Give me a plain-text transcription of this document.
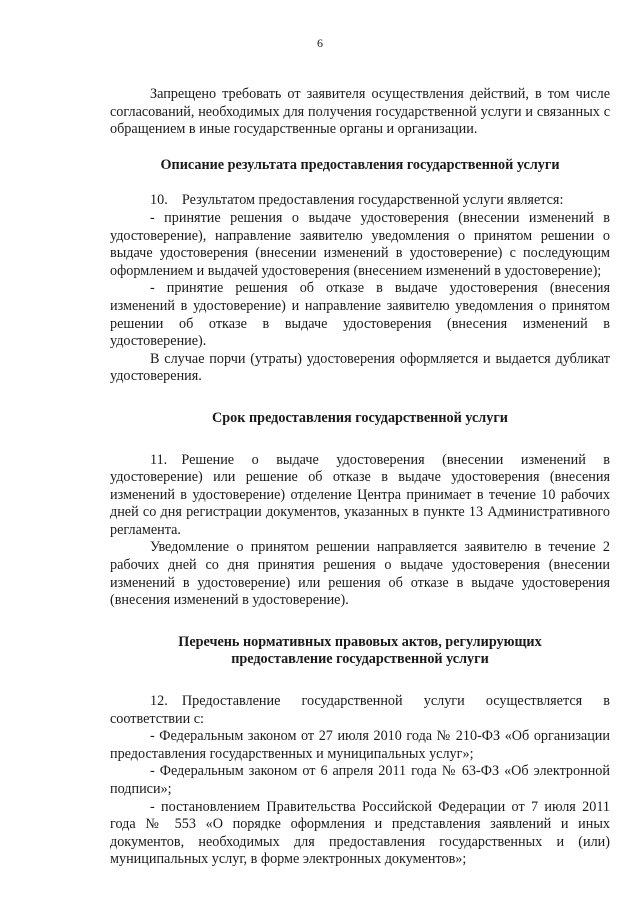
6

Запрещено требовать от заявителя осуществления действий, в том числе согласований, необходимых для получения государственной услуги и связанных с обращением в иные государственные органы и организации.

Описание результата предоставления государственной услуги

10. Результатом предоставления государственной услуги является:

- принятие решения о выдаче удостоверения (внесении изменений в удостоверение), направление заявителю уведомления о принятом решении о выдаче удостоверения (внесении изменений в удостоверение) с последующим оформлением и выдачей удостоверения (внесением изменений в удостоверение);

- принятие решения об отказе в выдаче удостоверения (внесения изменений в удостоверение) и направление заявителю уведомления о принятом решении об отказе в выдаче удостоверения (внесения изменений в удостоверение).

В случае порчи (утраты) удостоверения оформляется и выдается дубликат удостоверения.

Срок предоставления государственной услуги

11. Решение о выдаче удостоверения (внесении изменений в удостоверение) или решение об отказе в выдаче удостоверения (внесения изменений в удостоверение) отделение Центра принимает в течение 10 рабочих дней со дня регистрации документов, указанных в пункте 13 Административного регламента.

Уведомление о принятом решении направляется заявителю в течение 2 рабочих дней со дня принятия решения о выдаче удостоверения (внесении изменений в удостоверение) или решения об отказе в выдаче удостоверения (внесения изменений в удостоверение).

Перечень нормативных правовых актов, регулирующих
предоставление государственной услуги

12. Предоставление государственной услуги осуществляется в соответствии с:

- Федеральным законом от 27 июля 2010 года № 210-ФЗ «Об организации предоставления государственных и муниципальных услуг»;

- Федеральным законом от 6 апреля 2011 года № 63-ФЗ «Об электронной подписи»;

- постановлением Правительства Российской Федерации от 7 июля 2011 года № 553 «О порядке оформления и представления заявлений и иных документов, необходимых для предоставления государственных и (или) муниципальных услуг, в форме электронных документов»;
